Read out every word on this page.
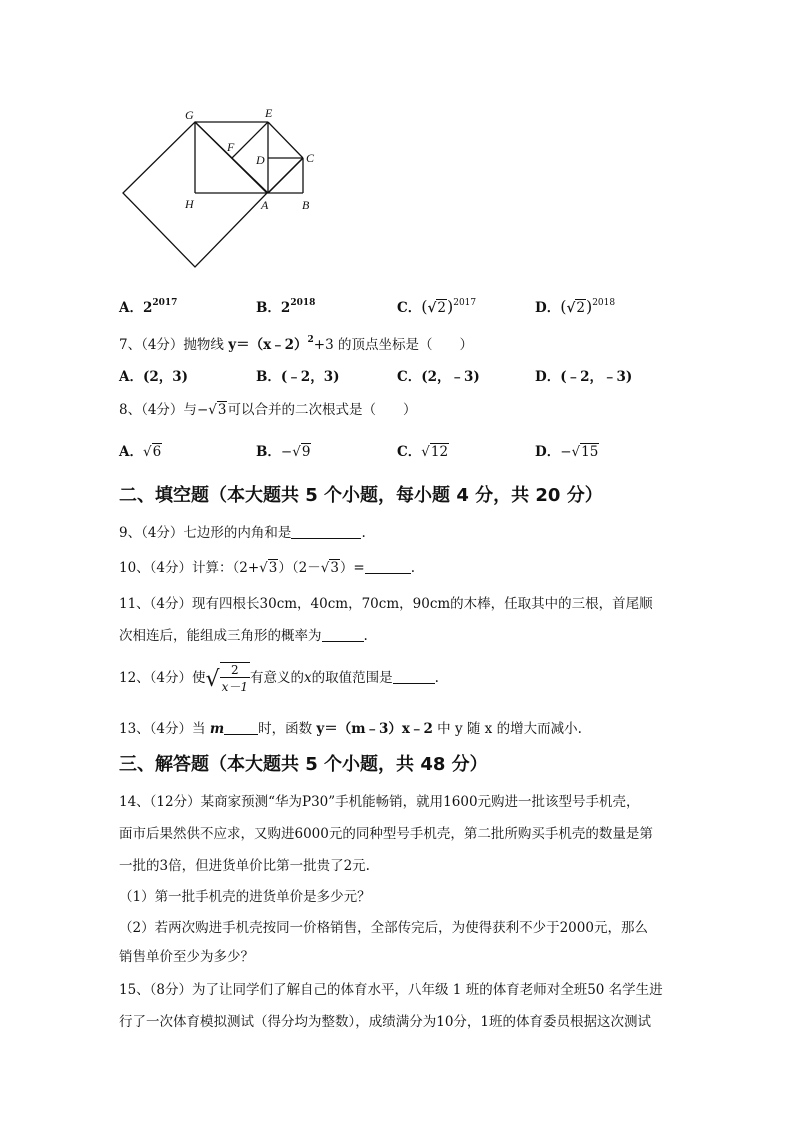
G	E
F
D	C
H	A	B
A．$2^{2017}$	B．$2^{2018}$	C．$(√2)^{2017}$	D．$(√2)^{2018}$
7、（4分）抛物线 y＝（x﹣2）$^2$+3 的顶点坐标是（　　）
A．(2，3)	B．(﹣2，3)	C．(2，﹣3)	D．(﹣2，﹣3)
8、（4分）与−√3可以合并的二次根式是（　　）
A．√6	B．−√9	C．√12	D．−√15
二、填空题（本大题共 5 个小题，每小题 4 分，共 20 分）
9、（4分）七边形的内角和是	.
10、（4分）计算：（2+√3）（2－√3）=	.
11、（4分）现有四根长30cm，40cm，70cm，90cm的木棒，任取其中的三根，首尾顺
次相连后，能组成三角形的概率为	.
12、（4分）使√ $\frac{2}{x-1}$ 有意义的x的取值范围是	.
13、（4分）当 m	时，函数 y＝（m﹣3）x﹣2 中 y 随 x 的增大而减小.
三、解答题（本大题共 5 个小题，共 48 分）
14、（12分）某商家预测“华为P30”手机能畅销，就用1600元购进一批该型号手机壳，
面市后果然供不应求，又购进6000元的同种型号手机壳，第二批所购买手机壳的数量是第
一批的3倍，但进货单价比第一批贵了2元.
（1）第一批手机壳的进货单价是多少元？
（2）若两次购进手机壳按同一价格销售，全部传完后，为使得获利不少于2000元，那么
销售单价至少为多少？
15、（8分）为了让同学们了解自己的体育水平，八年级 1 班的体育老师对全班50 名学生进
行了一次体育模拟测试（得分均为整数），成绩满分为10分，1班的体育委员根据这次测试
